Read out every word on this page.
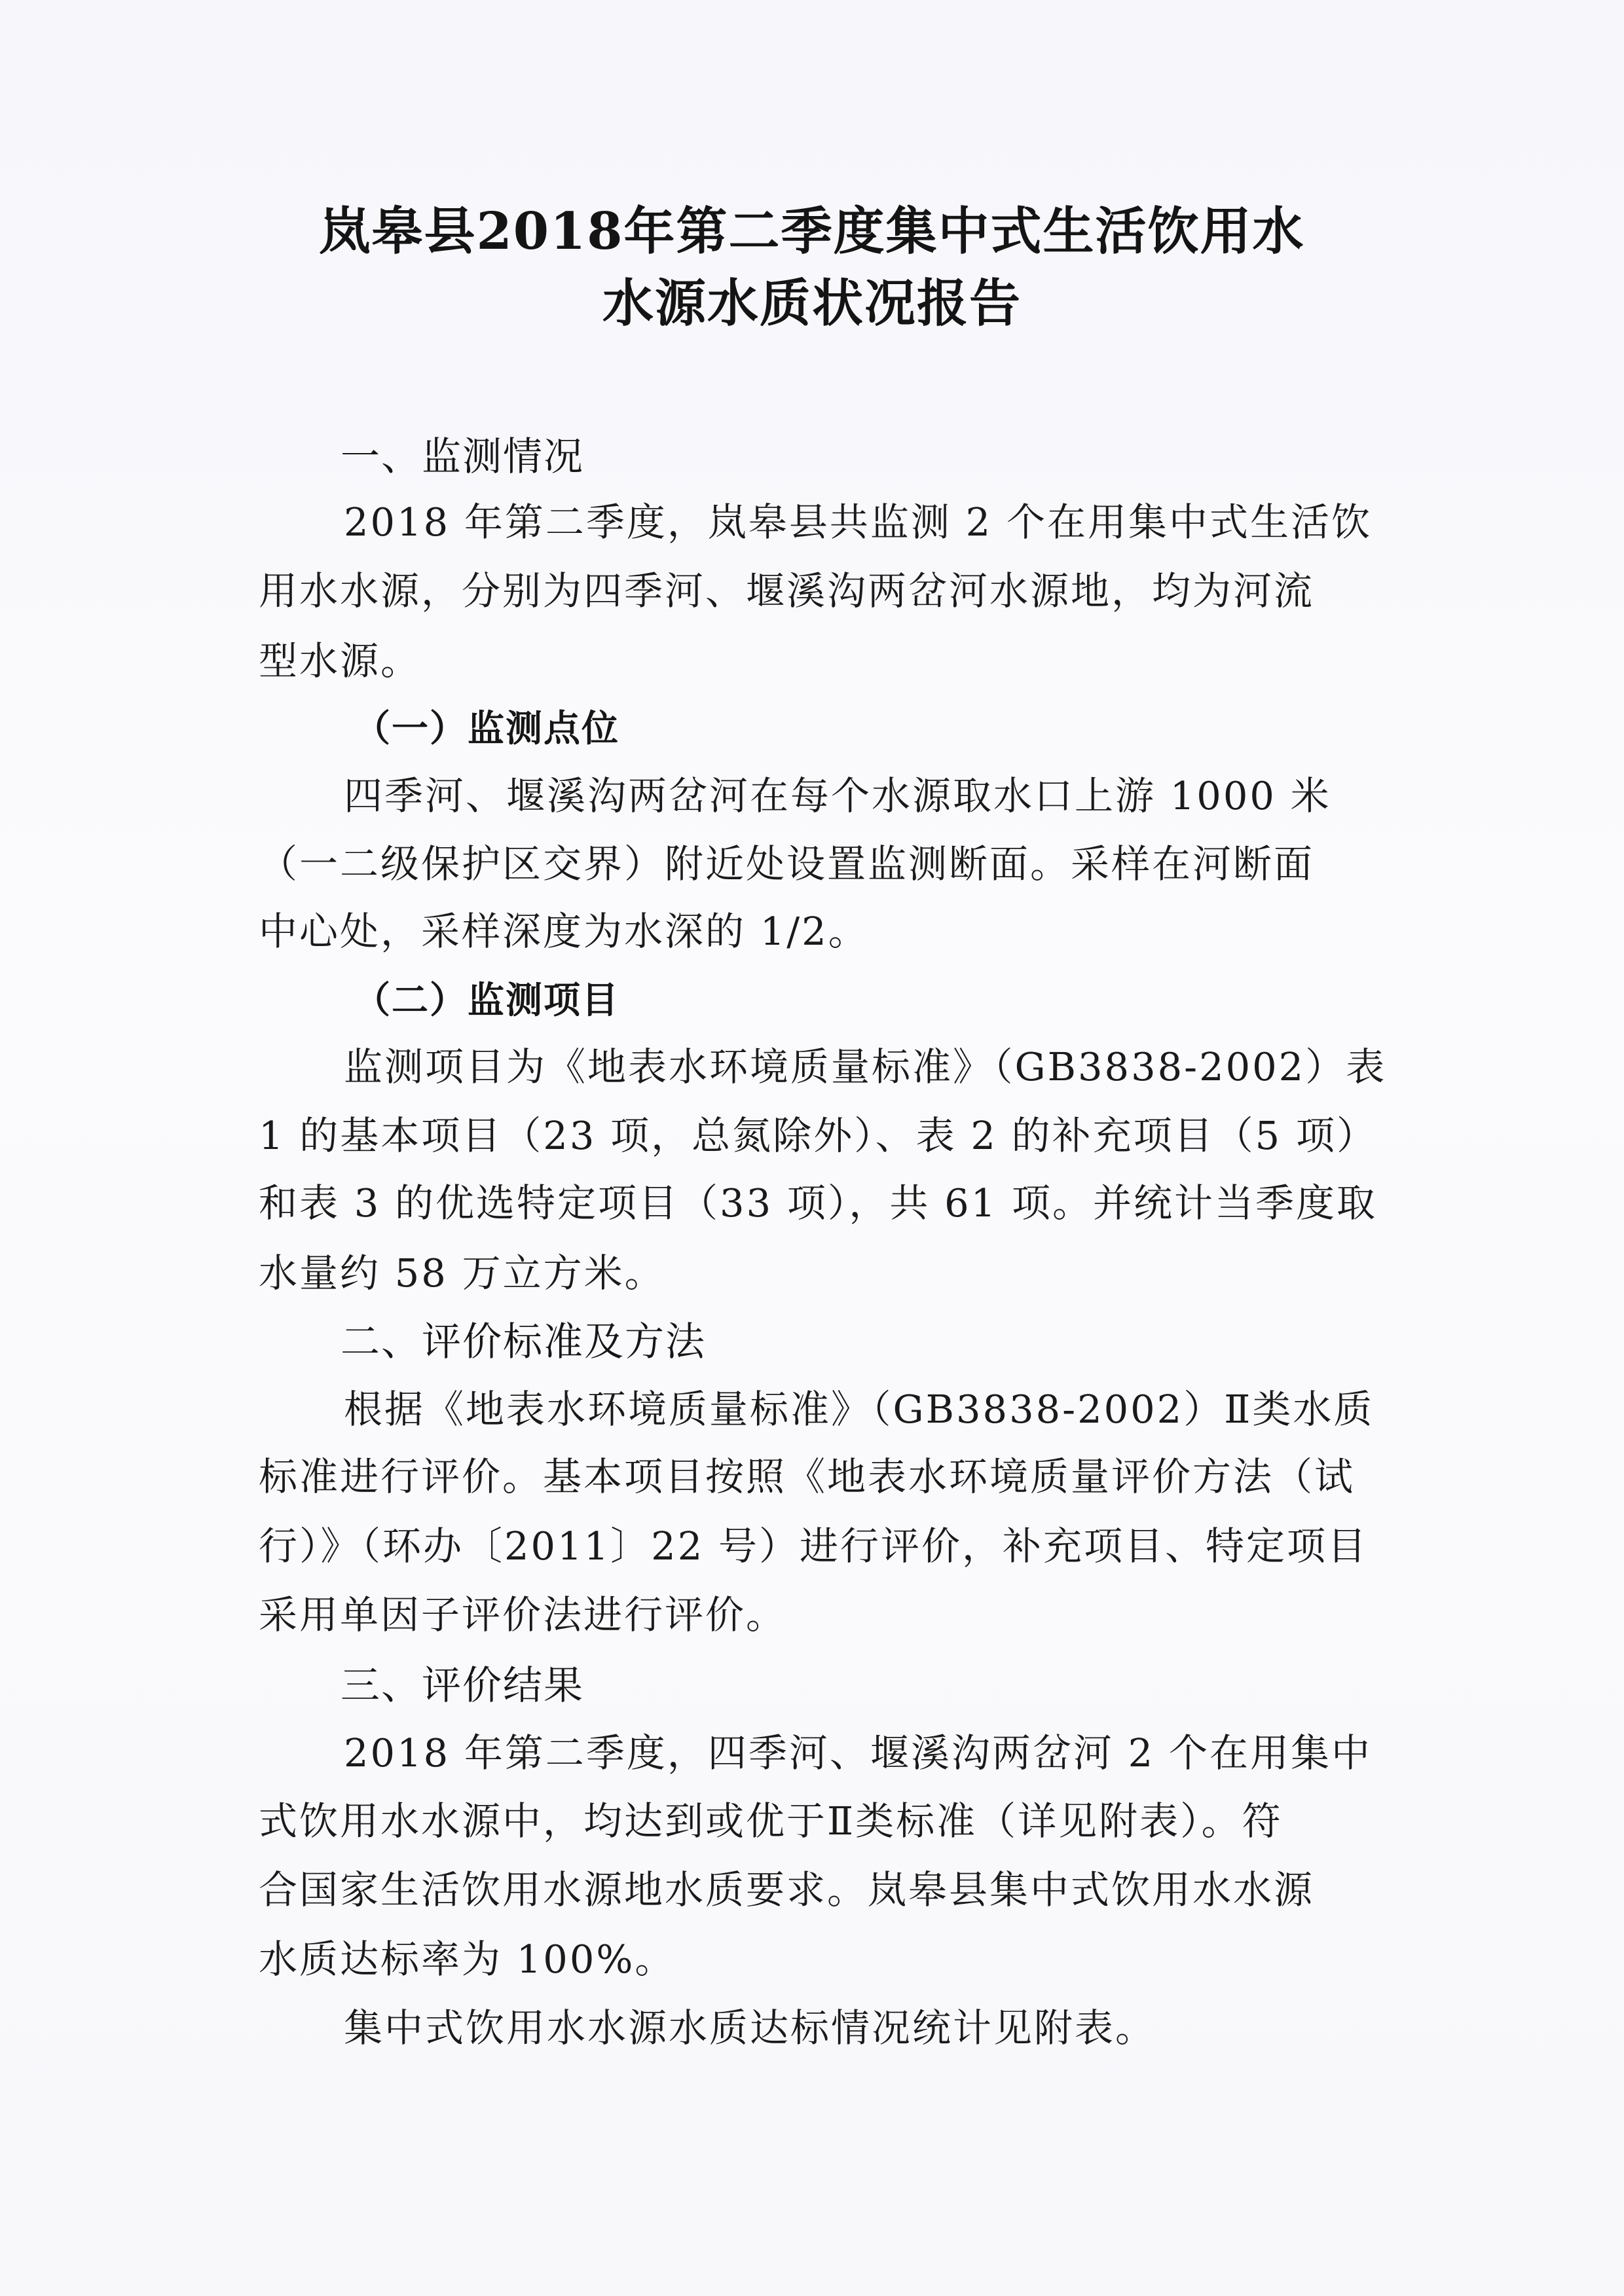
岚皋县2018年第二季度集中式生活饮用水
水源水质状况报告
一、监测情况
2018 年第二季度，岚皋县共监测 2 个在用集中式生活饮
用水水源，分别为四季河、堰溪沟两岔河水源地，均为河流
型水源。
（一）监测点位
四季河、堰溪沟两岔河在每个水源取水口上游 1000 米
（一二级保护区交界）附近处设置监测断面。采样在河断面
中心处，采样深度为水深的 1/2。
（二）监测项目
监测项目为《地表水环境质量标准》（GB3838-2002）表
1 的基本项目（23 项，总氮除外）、表 2 的补充项目（5 项）
和表 3 的优选特定项目（33 项），共 61 项。并统计当季度取
水量约 58 万立方米。
二、评价标准及方法
根据《地表水环境质量标准》（GB3838-2002）Ⅱ类水质
标准进行评价。基本项目按照《地表水环境质量评价方法（试
行）》（环办〔2011〕22 号）进行评价，补充项目、特定项目
采用单因子评价法进行评价。
三、评价结果
2018 年第二季度，四季河、堰溪沟两岔河 2 个在用集中
式饮用水水源中，均达到或优于Ⅱ类标准（详见附表）。符
合国家生活饮用水源地水质要求。岚皋县集中式饮用水水源
水质达标率为 100%。
集中式饮用水水源水质达标情况统计见附表。
